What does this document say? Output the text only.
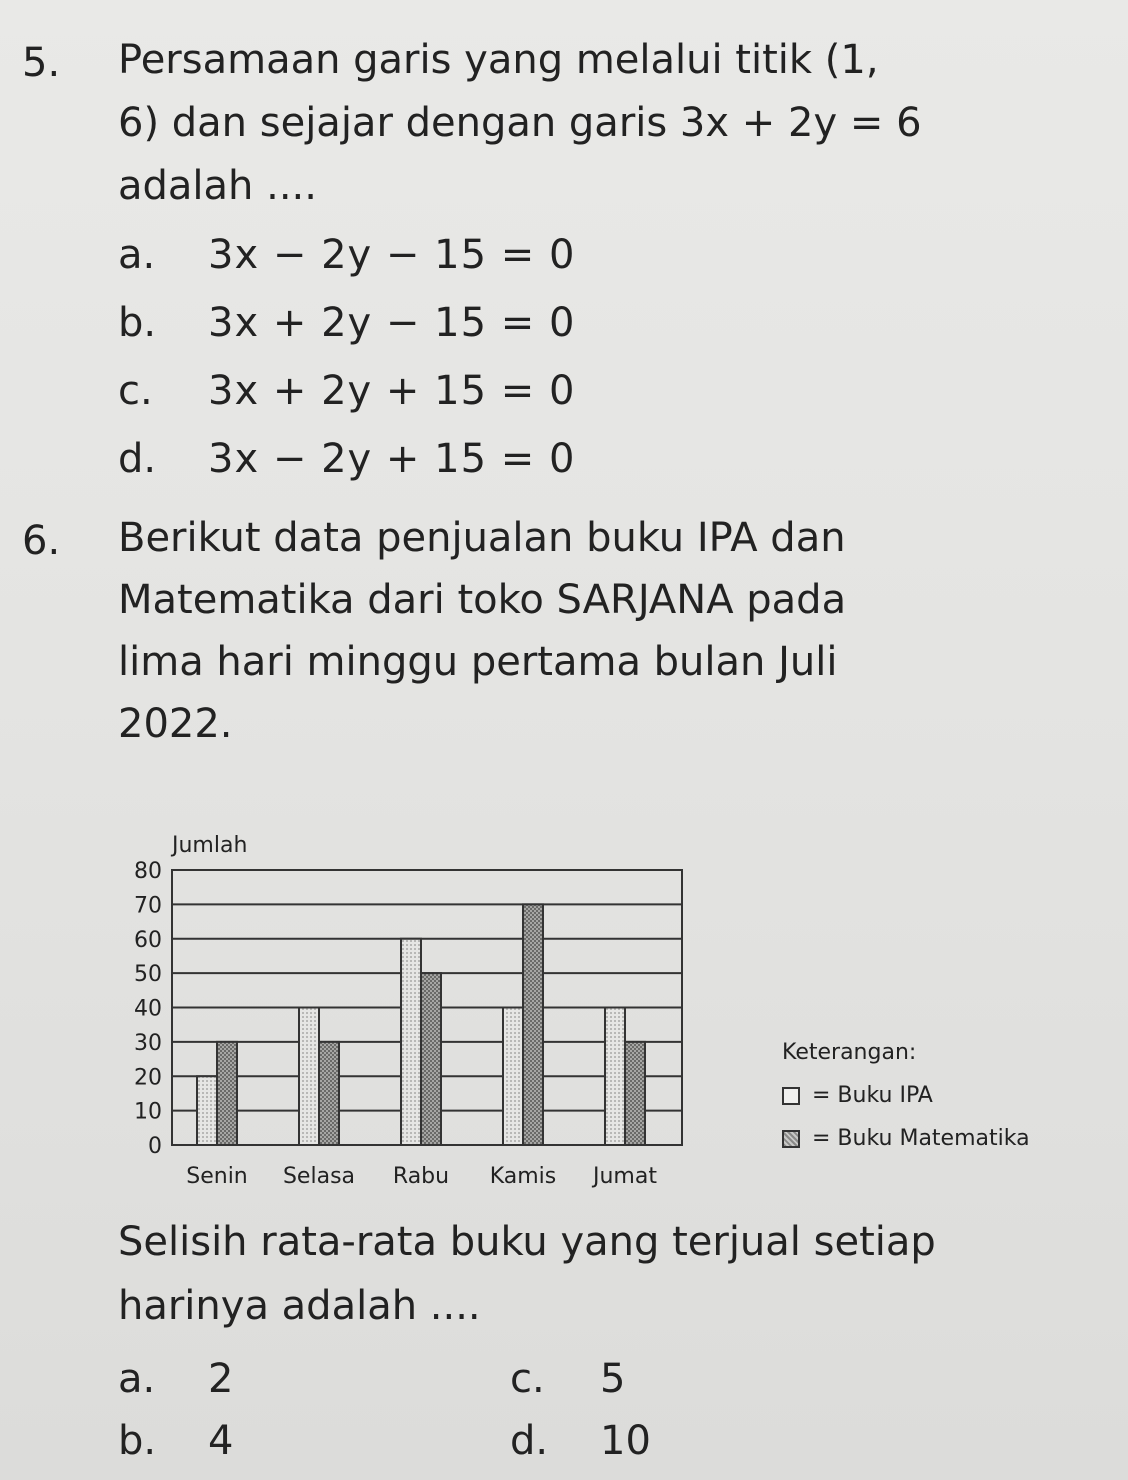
5. Persamaan garis yang melalui titik (1,
6) dan sejajar dengan garis 3x + 2y = 6
adalah ....
a. 3x − 2y − 15 = 0
b. 3x + 2y − 15 = 0
c. 3x + 2y + 15 = 0
d. 3x − 2y + 15 = 0
6. Berikut data penjualan buku IPA dan
Matematika dari toko SARJANA pada
lima hari minggu pertama bulan Juli
2022.
0
10
20
30
40
50
60
70
80
Jumlah
Senin Selasa Rabu Kamis Jumat
Keterangan:
= Buku IPA
= Buku Matematika
Selisih rata-rata buku yang terjual setiap
harinya adalah ....
a. 2
b. 4
c. 5
d. 10
